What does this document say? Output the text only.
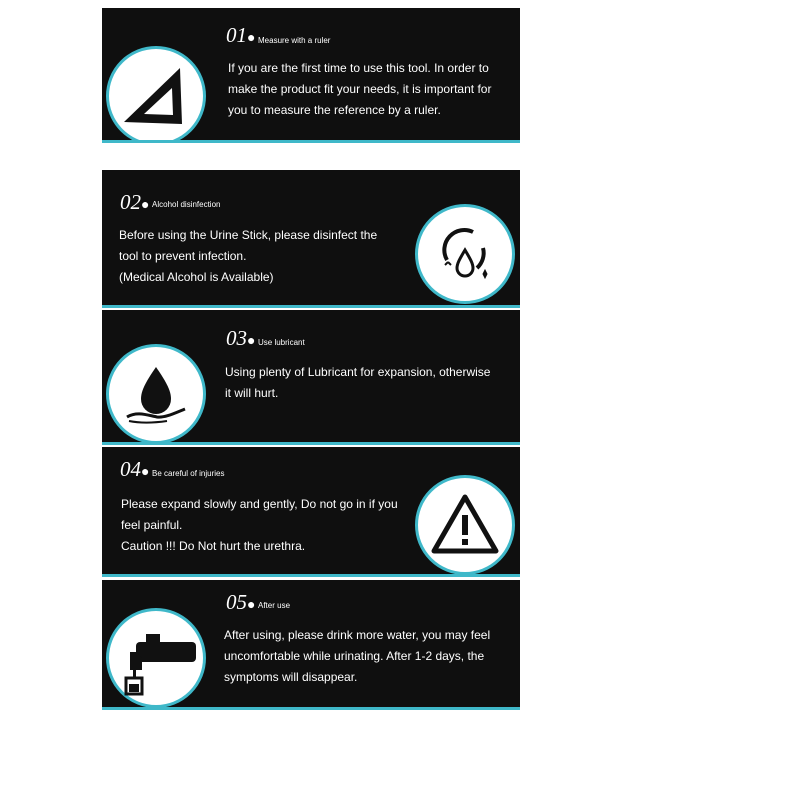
01● Measure with a ruler
If you are the first time to use this tool. In order to
make the product fit your needs, it is important for
you to measure the reference by a ruler.
02● Alcohol disinfection
Before using the Urine Stick, please disinfect the
tool to prevent infection.
(Medical Alcohol is Available)
03● Use lubricant
Using plenty of Lubricant for expansion, otherwise
it will hurt.
04● Be careful of injuries
Please expand slowly and gently, Do not go in if you
feel painful.
Caution !!! Do Not hurt the urethra.
05● After use
After using, please drink more water, you may feel
uncomfortable while urinating. After 1-2 days, the
symptoms will disappear.
